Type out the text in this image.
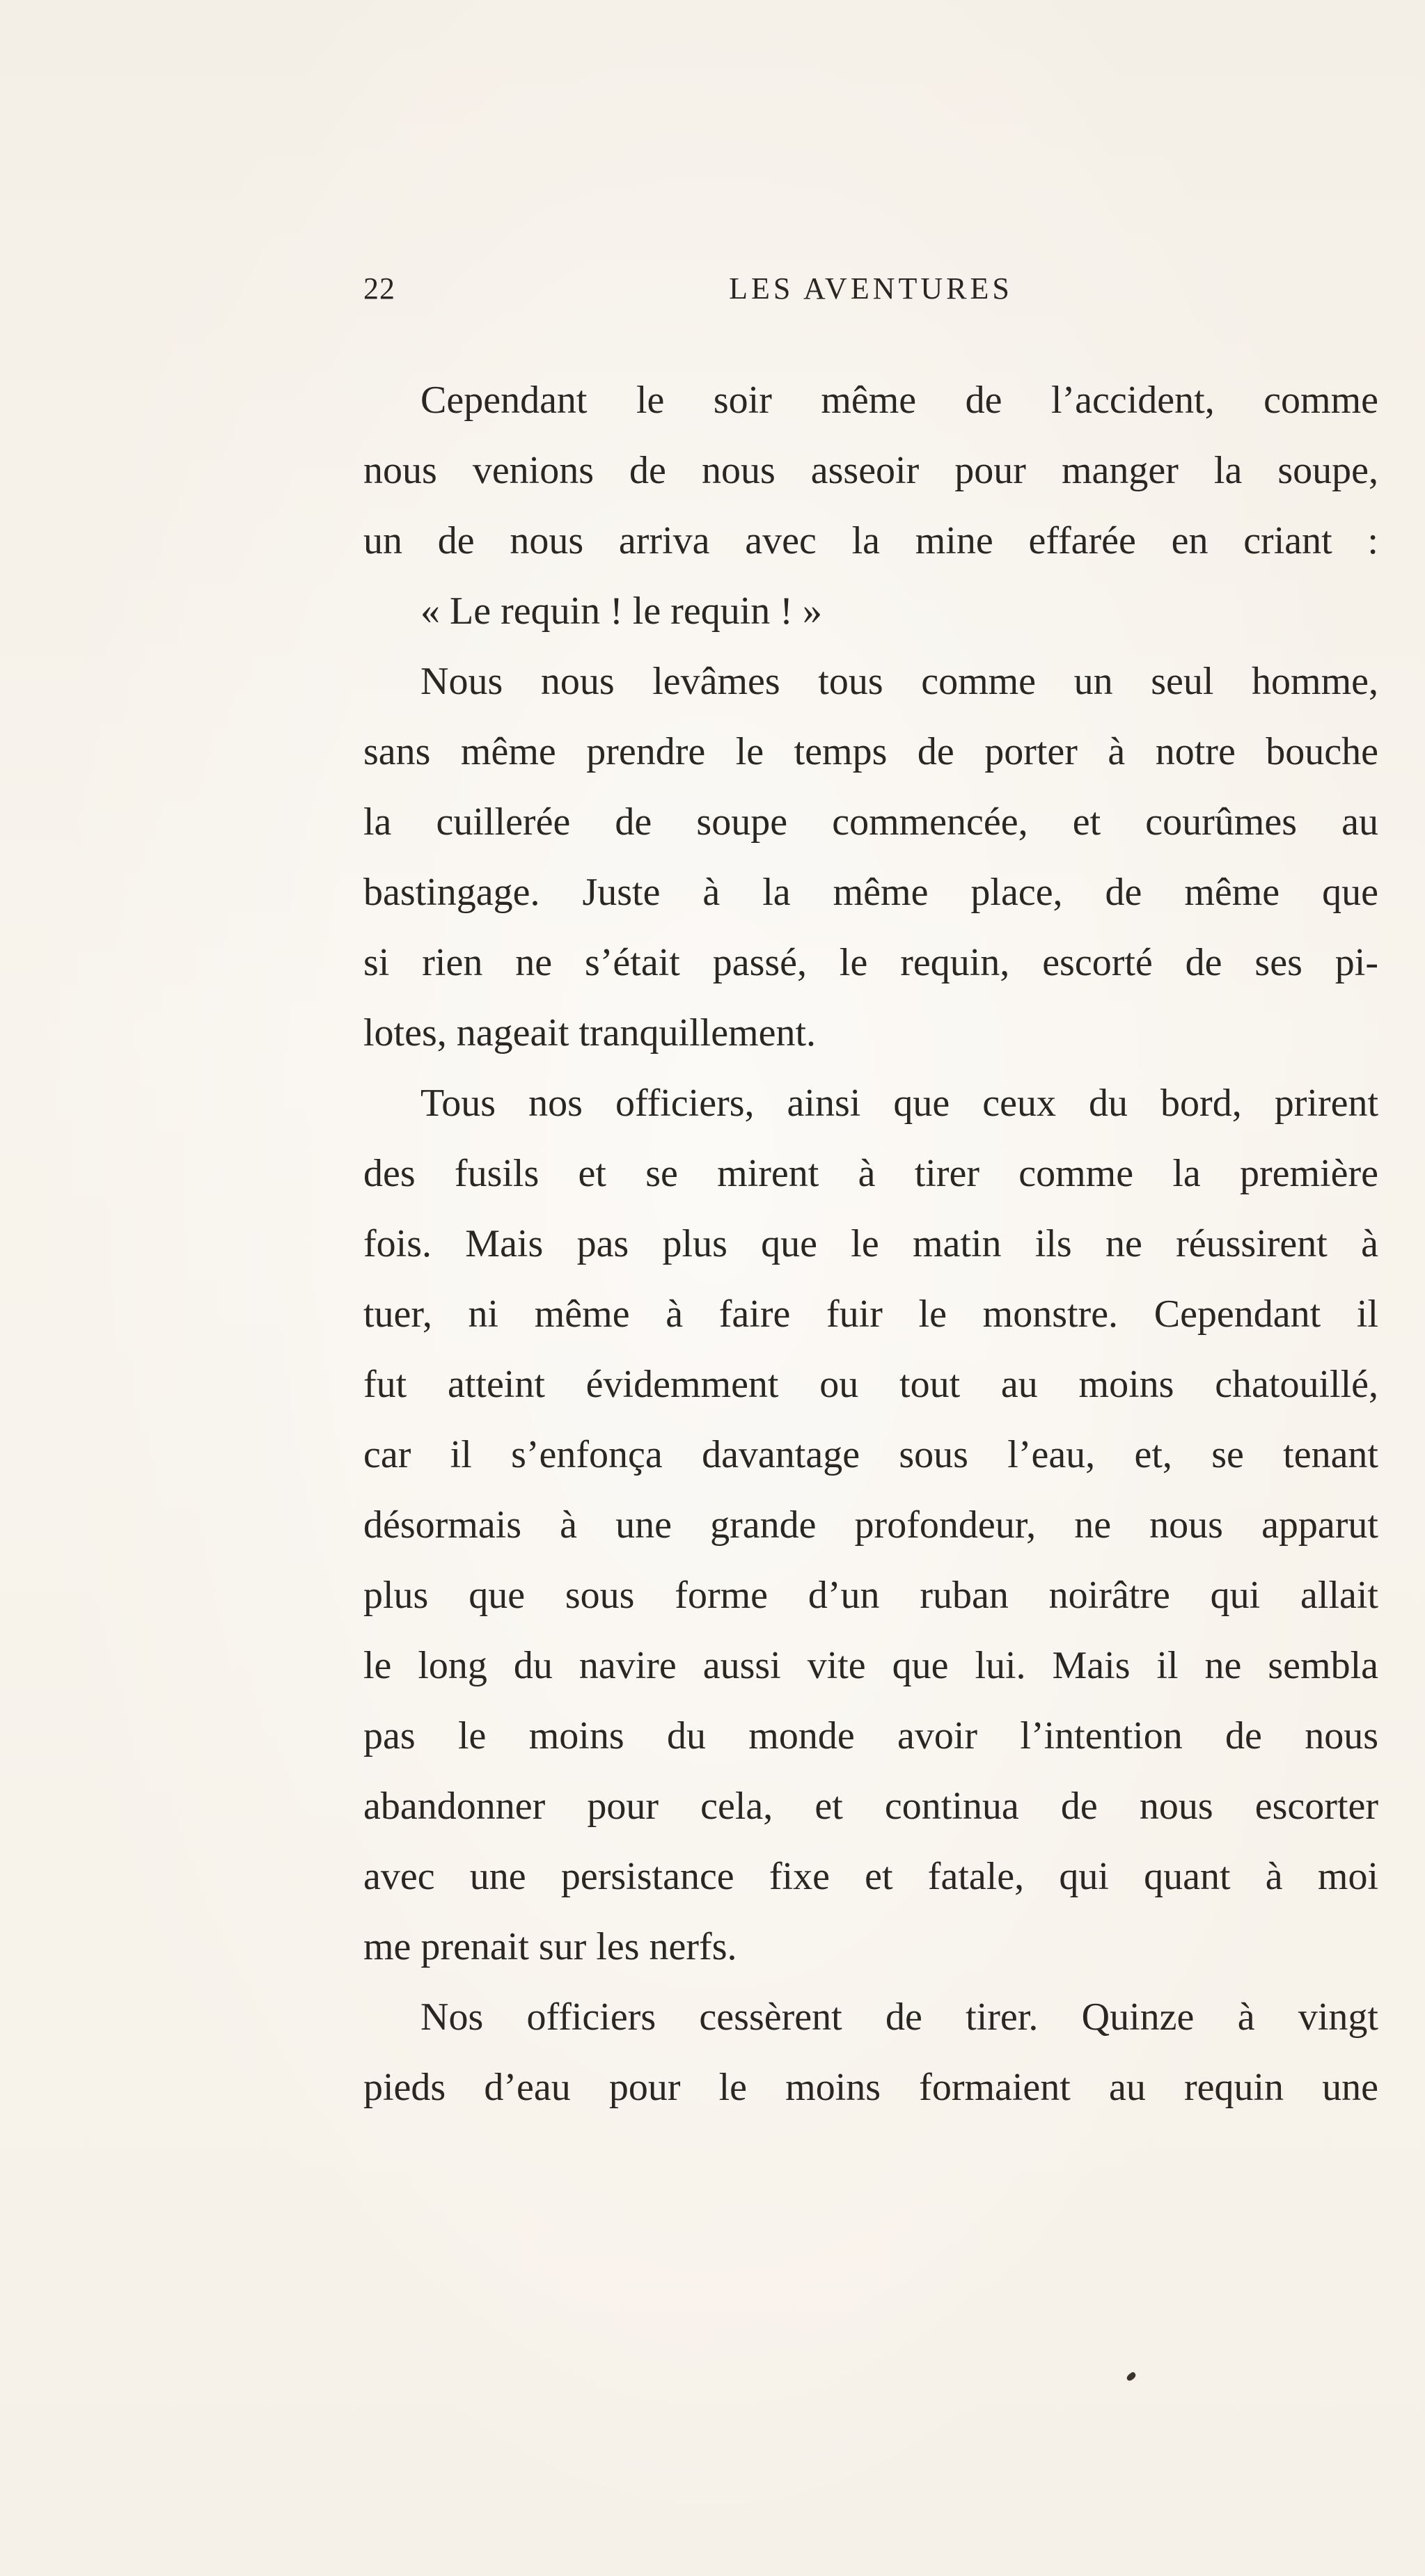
22	LES AVENTURES
Cependant le soir même de l’accident, comme
nous venions de nous asseoir pour manger la soupe,
un de nous arriva avec la mine effarée en criant :
« Le requin ! le requin ! »
Nous nous levâmes tous comme un seul homme,
sans même prendre le temps de porter à notre bouche
la cuillerée de soupe commencée, et courûmes au
bastingage. Juste à la même place, de même que
si rien ne s’était passé, le requin, escorté de ses pi-
lotes, nageait tranquillement.
Tous nos officiers, ainsi que ceux du bord, prirent
des fusils et se mirent à tirer comme la première
fois. Mais pas plus que le matin ils ne réussirent à
tuer, ni même à faire fuir le monstre. Cependant il
fut atteint évidemment ou tout au moins chatouillé,
car il s’enfonça davantage sous l’eau, et, se tenant
désormais à une grande profondeur, ne nous apparut
plus que sous forme d’un ruban noirâtre qui allait
le long du navire aussi vite que lui. Mais il ne sembla
pas le moins du monde avoir l’intention de nous
abandonner pour cela, et continua de nous escorter
avec une persistance fixe et fatale, qui quant à moi
me prenait sur les nerfs.
Nos officiers cessèrent de tirer. Quinze à vingt
pieds d’eau pour le moins formaient au requin une
